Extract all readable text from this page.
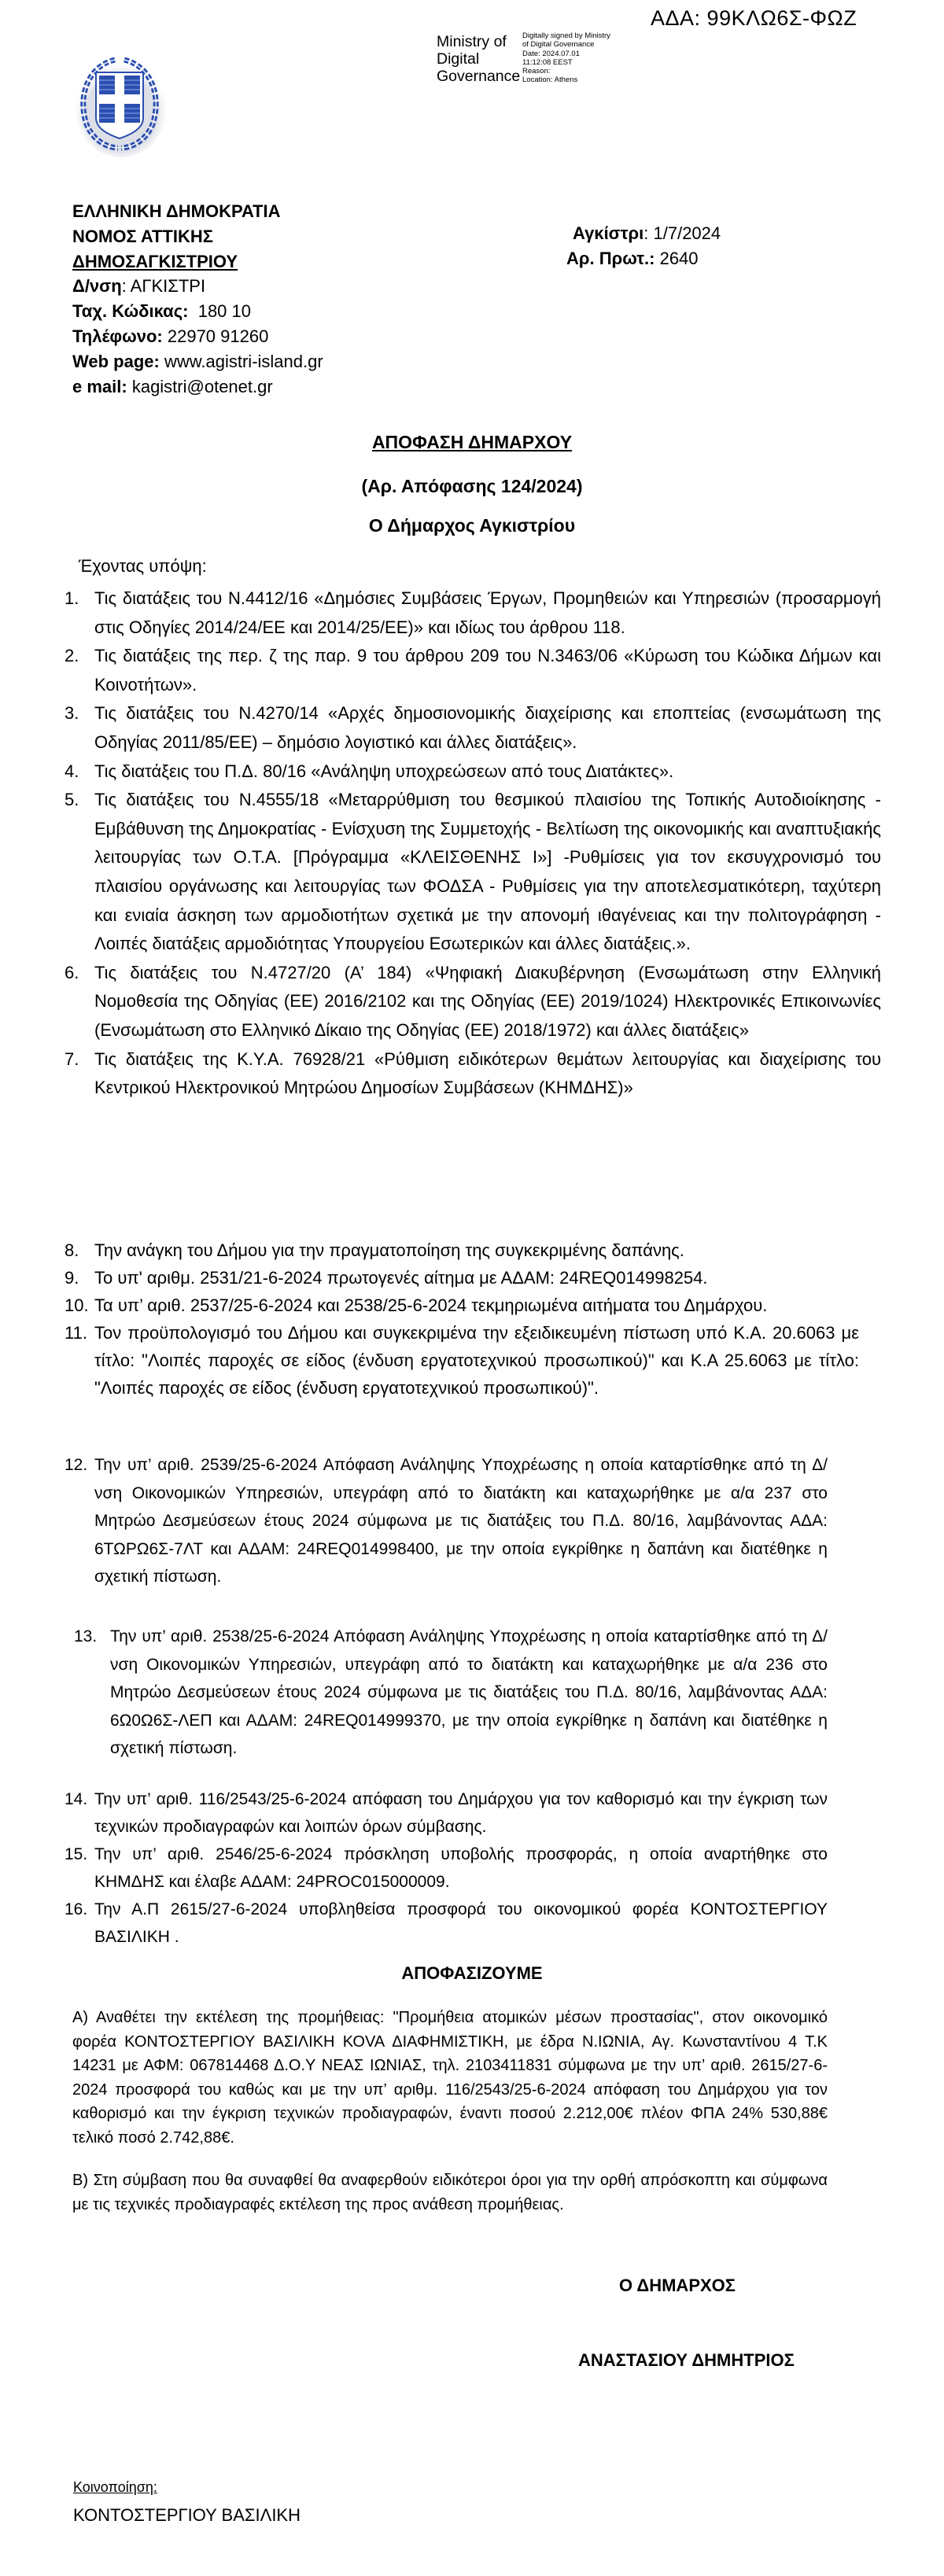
ΑΔΑ: 99ΚΛΩ6Σ-ΦΩΖ
Ministry of
Digital
Governance
Digitally signed by Ministry
of Digital Governance
Date: 2024.07.01
11:12:08 EEST
Reason:
Location: Athens
ΕΛΛΗΝΙΚΗ ΔΗΜΟΚΡΑΤΙΑ
ΝΟΜΟΣ ΑΤΤΙΚΗΣ
ΔΗΜΟΣΑΓΚΙΣΤΡΙΟΥ
Δ/νση: ΑΓΚΙΣΤΡΙ
Ταχ. Κώδικας: 180 10
Τηλέφωνο: 22970 91260
Web page: www.agistri-island.gr
e mail: kagistri@otenet.gr
Αγκίστρι: 1/7/2024
Αρ. Πρωτ.: 2640
ΑΠΟΦΑΣΗ ΔΗΜΑΡΧΟΥ
(Αρ. Απόφασης 124/2024)
Ο Δήμαρχος Αγκιστρίου
Έχοντας υπόψη:
1. Τις διατάξεις του Ν.4412/16 «Δημόσιες Συμβάσεις Έργων, Προμηθειών και Υπηρεσιών (προσαρμογή στις Οδηγίες 2014/24/ΕΕ και 2014/25/ΕΕ)» και ιδίως του άρθρου 118.
2. Τις διατάξεις της περ. ζ της παρ. 9 του άρθρου 209 του Ν.3463/06 «Κύρωση του Κώδικα Δήμων και Κοινοτήτων».
3. Τις διατάξεις του Ν.4270/14 «Αρχές δημοσιονομικής διαχείρισης και εποπτείας (ενσωμάτωση της Οδηγίας 2011/85/ΕΕ) – δημόσιο λογιστικό και άλλες διατάξεις».
4. Τις διατάξεις του Π.Δ. 80/16 «Ανάληψη υποχρεώσεων από τους Διατάκτες».
5. Τις διατάξεις του Ν.4555/18 «Μεταρρύθμιση του θεσμικού πλαισίου της Τοπικής Αυτοδιοίκησης - Εμβάθυνση της Δημοκρατίας - Ενίσχυση της Συμμετοχής - Βελτίωση της οικονομικής και αναπτυξιακής λειτουργίας των Ο.Τ.Α. [Πρόγραμμα «ΚΛΕΙΣΘΕΝΗΣ Ι»] -Ρυθμίσεις για τον εκσυγχρονισμό του πλαισίου οργάνωσης και λειτουργίας των ΦΟΔΣΑ - Ρυθμίσεις για την αποτελεσματικότερη, ταχύτερη και ενιαία άσκηση των αρμοδιοτήτων σχετικά με την απονομή ιθαγένειας και την πολιτογράφηση - Λοιπές διατάξεις αρμοδιότητας Υπουργείου Εσωτερικών και άλλες διατάξεις.».
6. Τις διατάξεις του Ν.4727/20 (Α’ 184) «Ψηφιακή Διακυβέρνηση (Ενσωμάτωση στην Ελληνική Νομοθεσία της Οδηγίας (ΕΕ) 2016/2102 και της Οδηγίας (ΕΕ) 2019/1024) Ηλεκτρονικές Επικοινωνίες (Ενσωμάτωση στο Ελληνικό Δίκαιο της Οδηγίας (ΕΕ) 2018/1972) και άλλες διατάξεις»
7. Τις διατάξεις της Κ.Υ.Α. 76928/21 «Ρύθμιση ειδικότερων θεμάτων λειτουργίας και διαχείρισης του Κεντρικού Ηλεκτρονικού Μητρώου Δημοσίων Συμβάσεων (ΚΗΜΔΗΣ)»
8. Την ανάγκη του Δήμου για την πραγματοποίηση της συγκεκριμένης δαπάνης.
9. Το υπ' αριθμ. 2531/21-6-2024 πρωτογενές αίτημα με ΑΔΑΜ: 24REQ014998254.
10. Τα υπ’ αριθ. 2537/25-6-2024 και 2538/25-6-2024 τεκμηριωμένα αιτήματα του Δημάρχου.
11. Τον προϋπολογισμό του Δήμου και συγκεκριμένα την εξειδικευμένη πίστωση υπό Κ.Α. 20.6063 με τίτλο: "Λοιπές παροχές σε είδος (ένδυση εργατοτεχνικού προσωπικού)" και Κ.Α 25.6063 με τίτλο: "Λοιπές παροχές σε είδος (ένδυση εργατοτεχνικού προσωπικού)".
12. Την υπ’ αριθ. 2539/25-6-2024 Απόφαση Ανάληψης Υποχρέωσης η οποία καταρτίσθηκε από τη Δ/νση Οικονομικών Υπηρεσιών, υπεγράφη από το διατάκτη και καταχωρήθηκε με α/α 237 στο Μητρώο Δεσμεύσεων έτους 2024 σύμφωνα με τις διατάξεις του Π.Δ. 80/16, λαμβάνοντας ΑΔΑ: 6ΤΩΡΩ6Σ-7ΛΤ και ΑΔΑΜ: 24REQ014998400, με την οποία εγκρίθηκε η δαπάνη και διατέθηκε η σχετική πίστωση.
13. Την υπ’ αριθ. 2538/25-6-2024 Απόφαση Ανάληψης Υποχρέωσης η οποία καταρτίσθηκε από τη Δ/νση Οικονομικών Υπηρεσιών, υπεγράφη από το διατάκτη και καταχωρήθηκε με α/α 236 στο Μητρώο Δεσμεύσεων έτους 2024 σύμφωνα με τις διατάξεις του Π.Δ. 80/16, λαμβάνοντας ΑΔΑ: 6Ω0Ω6Σ-ΛΕΠ και ΑΔΑΜ: 24REQ014999370, με την οποία εγκρίθηκε η δαπάνη και διατέθηκε η σχετική πίστωση.
14. Την υπ’ αριθ. 116/2543/25-6-2024 απόφαση του Δημάρχου για τον καθορισμό και την έγκριση των τεχνικών προδιαγραφών και λοιπών όρων σύμβασης.
15. Την υπ’ αριθ. 2546/25-6-2024 πρόσκληση υποβολής προσφοράς, η οποία αναρτήθηκε στο ΚΗΜΔΗΣ και έλαβε ΑΔΑΜ: 24PROC015000009.
16. Την Α.Π 2615/27-6-2024 υποβληθείσα προσφορά του οικονομικού φορέα ΚΟΝΤΟΣΤΕΡΓΙΟΥ ΒΑΣΙΛΙΚΗ .
ΑΠΟΦΑΣΙΖΟΥΜΕ
Α) Αναθέτει την εκτέλεση της προμήθειας: "Προμήθεια ατομικών μέσων προστασίας", στον οικονομικό φορέα ΚΟΝΤΟΣΤΕΡΓΙΟΥ ΒΑΣΙΛΙΚΗ ΚΟVA ΔΙΑΦΗΜΙΣΤΙΚΗ, με έδρα Ν.ΙΩΝΙΑ, Αγ. Κωνσταντίνου 4 Τ.Κ 14231 με ΑΦΜ: 067814468 Δ.Ο.Υ ΝΕΑΣ ΙΩΝΙΑΣ, τηλ. 2103411831 σύμφωνα με την υπ’ αριθ. 2615/27-6-2024 προσφορά του καθώς και με την υπ’ αριθμ. 116/2543/25-6-2024 απόφαση του Δημάρχου για τον καθορισμό και την έγκριση τεχνικών προδιαγραφών, έναντι ποσού 2.212,00€ πλέον ΦΠΑ 24% 530,88€ τελικό ποσό 2.742,88€.
Β) Στη σύμβαση που θα συναφθεί θα αναφερθούν ειδικότεροι όροι για την ορθή απρόσκοπτη και σύμφωνα με τις τεχνικές προδιαγραφές εκτέλεση της προς ανάθεση προμήθειας.
Ο ΔΗΜΑΡΧΟΣ
ΑΝΑΣΤΑΣΙΟΥ ΔΗΜΗΤΡΙΟΣ
Κοινοποίηση:
ΚΟΝΤΟΣΤΕΡΓΙΟΥ ΒΑΣΙΛΙΚΗ
